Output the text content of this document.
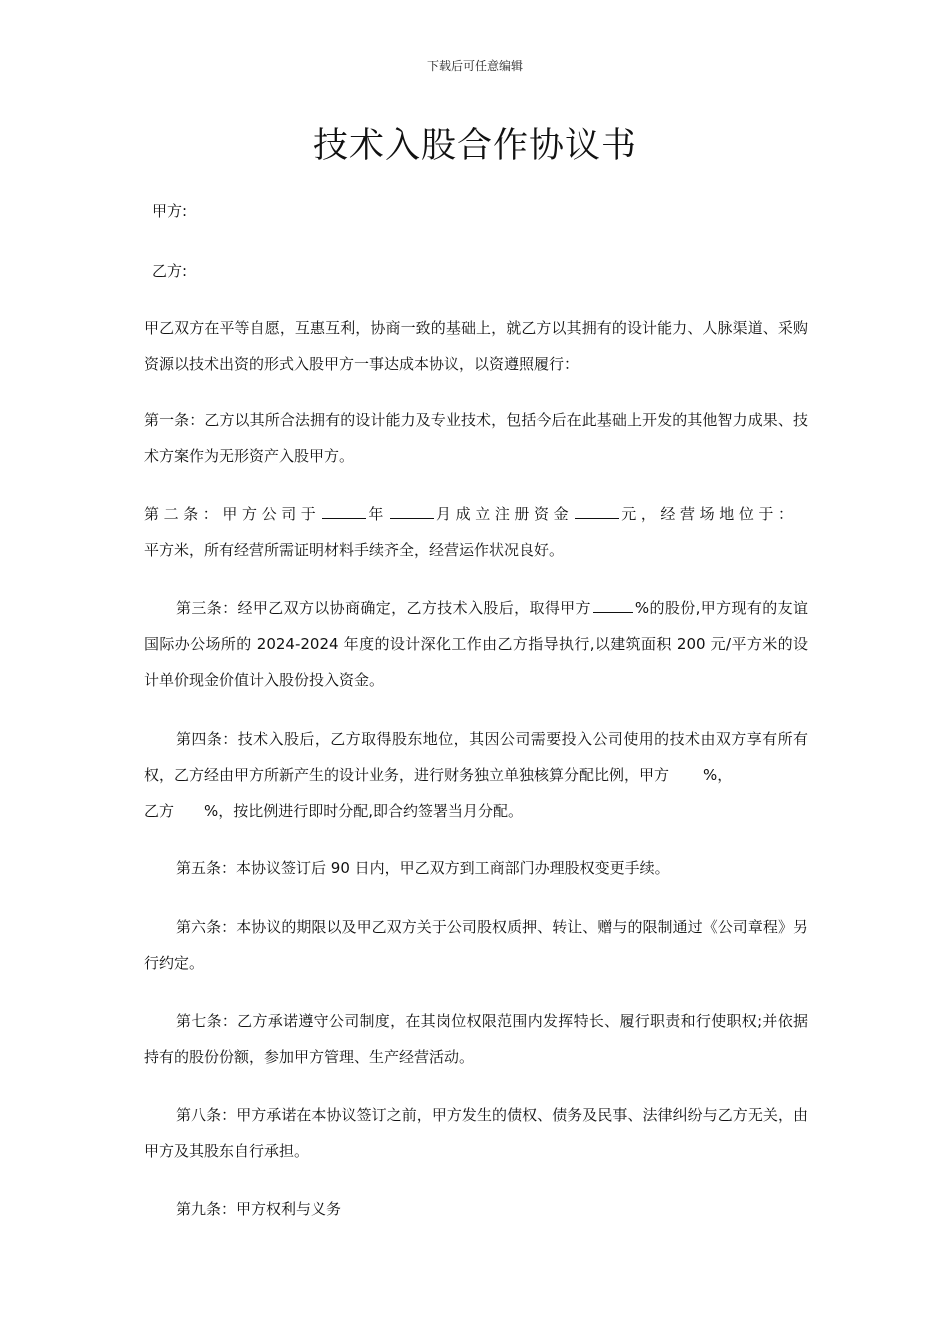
下载后可任意编辑
技术入股合作协议书
甲方:
乙方:

甲乙双方在平等自愿，互惠互利，协商一致的基础上，就乙方以其拥有的设计能力、人脉渠道、采购资源以技术出资的形式入股甲方一事达成本协议，以资遵照履行：

第一条：乙方以其所合法拥有的设计能力及专业技术，包括今后在此基础上开发的其他智力成果、技术方案作为无形资产入股甲方。

第二条：甲方公司于	年	月成立注册资金	元，经营场地位于：
平方米，所有经营所需证明材料手续齐全，经营运作状况良好。

第三条：经甲乙双方以协商确定，乙方技术入股后，取得甲方	%的股份,甲方现有的友谊国际办公场所的 2024-2024 年度的设计深化工作由乙方指导执行,以建筑面积 200 元/平方米的设计单价现金价值计入股份投入资金。

第四条：技术入股后，乙方取得股东地位，其因公司需要投入公司使用的技术由双方享有所有权，乙方经由甲方所新产生的设计业务，进行财务独立单独核算分配比例，甲方 %，
乙方 %，按比例进行即时分配,即合约签署当月分配。

第五条：本协议签订后 90 日内，甲乙双方到工商部门办理股权变更手续。

第六条：本协议的期限以及甲乙双方关于公司股权质押、转让、赠与的限制通过《公司章程》另行约定。

第七条：乙方承诺遵守公司制度，在其岗位权限范围内发挥特长、履行职责和行使职权;并依据持有的股份份额，参加甲方管理、生产经营活动。

第八条：甲方承诺在本协议签订之前，甲方发生的债权、债务及民事、法律纠纷与乙方无关，由甲方及其股东自行承担。

第九条：甲方权利与义务
